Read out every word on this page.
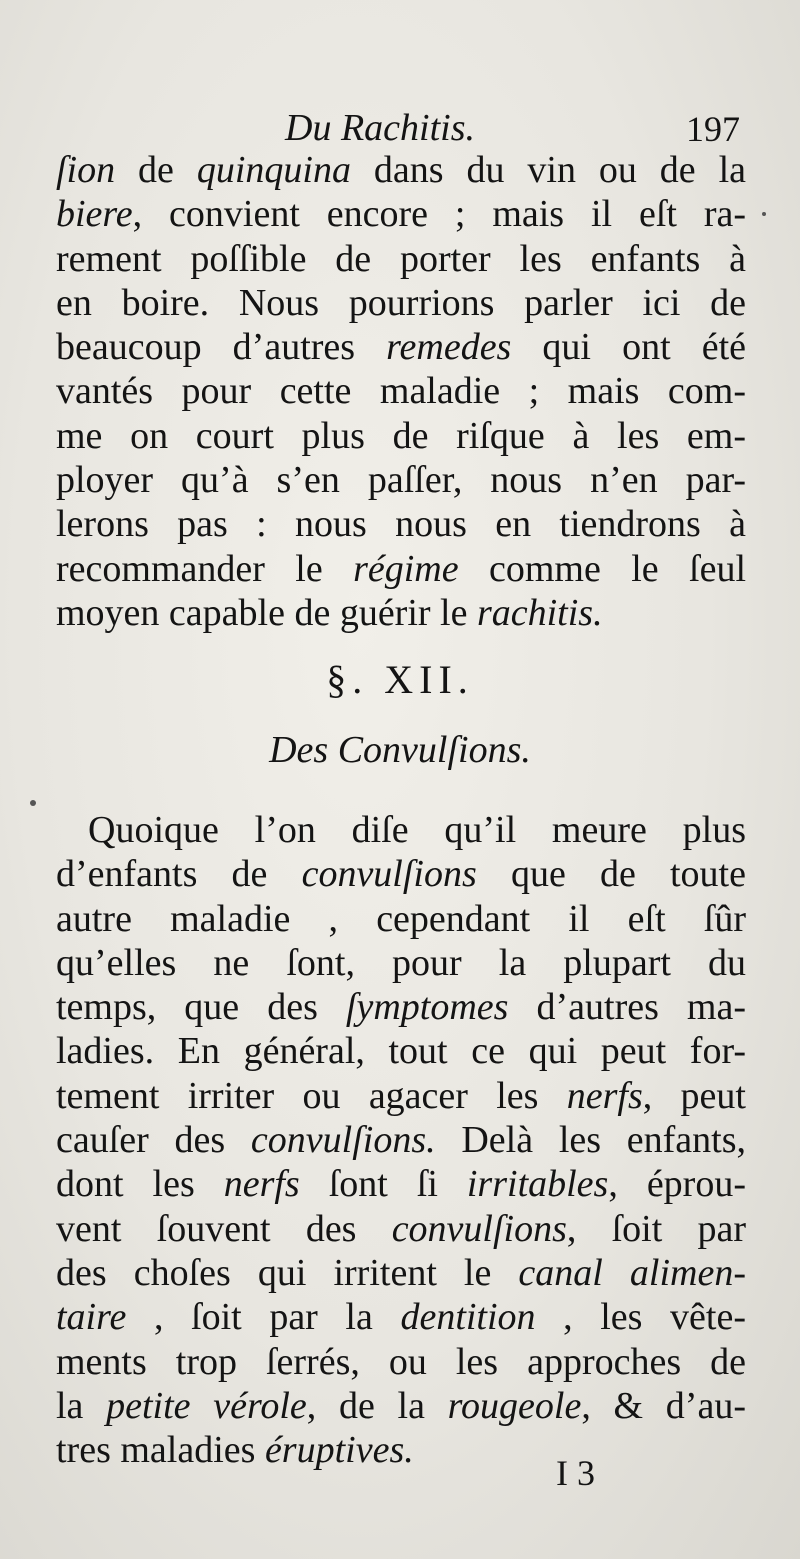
Du Rachitis.	197
ſion de quinquina dans du vin ou de la
biere, convient encore ; mais il eſt ra-
rement poſſible de porter les enfants à
en boire. Nous pourrions parler ici de
beaucoup d’autres remedes qui ont été
vantés pour cette maladie ; mais com-
me on court plus de riſque à les em-
ployer qu’à s’en paſſer, nous n’en par-
lerons pas : nous nous en tiendrons à
recommander le régime comme le ſeul
moyen capable de guérir le rachitis.
§. XII.
Des Convulſions.
Quoique l’on diſe qu’il meure plus
d’enfants de convulſions que de toute
autre maladie , cependant il eſt ſûr
qu’elles ne ſont, pour la plupart du
temps, que des ſymptomes d’autres ma-
ladies. En général, tout ce qui peut for-
tement irriter ou agacer les nerfs, peut
cauſer des convulſions. Delà les enfants,
dont les nerfs ſont ſi irritables, éprou-
vent ſouvent des convulſions, ſoit par
des choſes qui irritent le canal alimen-
taire , ſoit par la dentition , les vête-
ments trop ſerrés, ou les approches de
la petite vérole, de la rougeole, & d’au-
tres maladies éruptives.
I 3
